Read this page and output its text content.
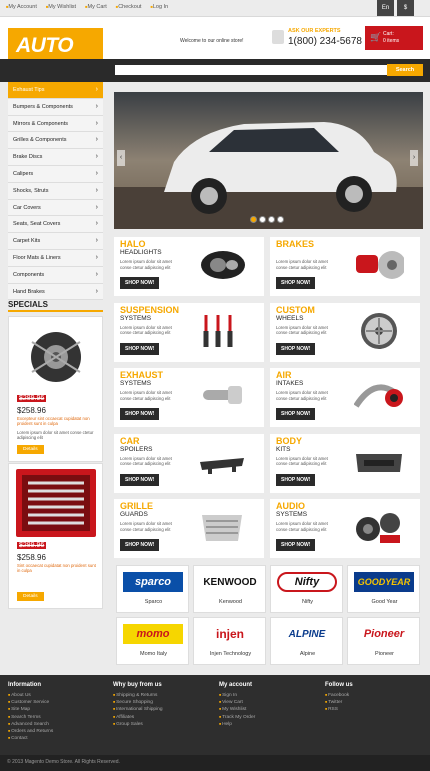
■ My Account	■ My Wishlist	■ My Cart	■ Checkout	■ Log In	En	$
AUTO	Welcome to our online store!
ASK OUR EXPERTS
1(800) 234-5678 🛒 Cart:
0 items
Search
Exhaust Tips	›
Bumpers & Components	›
Mirrors & Components	›
Grilles & Components	›
Brake Discs	›
Calipers	›
Shocks, Struts	›
Car Covers	›
Seats, Seat Covers	›
Carpet Kits	›
Floor Mats & Liners	›
Components	›
Hand Brakes	›
SPECIALS
$289.96
$258.96
Excepteur sint occaecat cupidatat non proident sunt in culpa
Lorem ipsum dolor sit amet conse ctetur adipiscing elit
Details
$289.96
$258.96
Sint occaecat cupidatat non proident sunt in culpa
Details
‹	›
HALO
HEADLIGHTS
Lorem ipsum dolor sit amet conse ctetur adipiscing elit
SHOP NOW!
BRAKES
Lorem ipsum dolor sit amet conse ctetur adipiscing elit
SHOP NOW!
SUSPENSION
SYSTEMS
Lorem ipsum dolor sit amet conse ctetur adipiscing elit
SHOP NOW!
CUSTOM
WHEELS
Lorem ipsum dolor sit amet conse ctetur adipiscing elit
SHOP NOW!
EXHAUST
SYSTEMS
Lorem ipsum dolor sit amet conse ctetur adipiscing elit
SHOP NOW!
AIR
INTAKES
Lorem ipsum dolor sit amet conse ctetur adipiscing elit
SHOP NOW!
CAR
SPOILERS
Lorem ipsum dolor sit amet conse ctetur adipiscing elit
SHOP NOW!
BODY
KITS
Lorem ipsum dolor sit amet conse ctetur adipiscing elit
SHOP NOW!
GRILLE
GUARDS
Lorem ipsum dolor sit amet conse ctetur adipiscing elit
SHOP NOW!
AUDIO
SYSTEMS
Lorem ipsum dolor sit amet conse ctetur adipiscing elit
SHOP NOW!
sparco
Sparco
KENWOOD
Kenwood
Nifty
Nifty
GOODYEAR
Good Year
momo
Momo Italy
injen
Injen Technology
ALPINE
Alpine
Pioneer
Pioneer
Information
■ About Us
■ Customer Service
■ Site Map
■ Search Terms
■ Advanced Search
■ Orders and Returns
■ Contact
Why buy from us
■ Shipping & Returns
■ Secure Shopping
■ International Shipping
■ Affiliates
■ Group Sales
My account
■ Sign In
■ View Cart
■ My Wishlist
■ Track My Order
■ Help
Follow us
■ Facebook
■ Twitter
■ RSS
© 2013 Magento Demo Store. All Rights Reserved.
